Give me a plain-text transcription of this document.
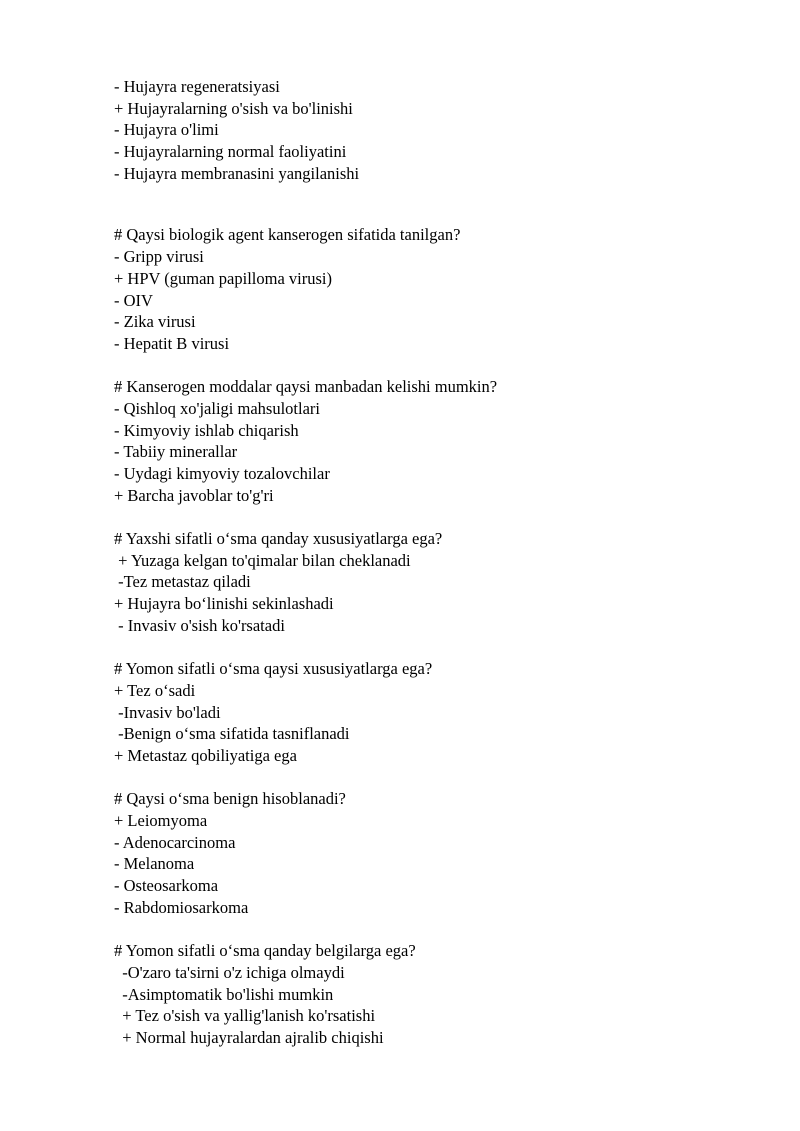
- Hujayra regeneratsiyasi
+ Hujayralarning o'sish va bo'linishi
- Hujayra o'limi
- Hujayralarning normal faoliyatini
- Hujayra membranasini yangilanishi
# Qaysi biologik agent kanserogen sifatida tanilgan?
- Gripp virusi
+ HPV (guman papilloma virusi)
- OIV
- Zika virusi
- Hepatit B virusi
# Kanserogen moddalar qaysi manbadan kelishi mumkin?
- Qishloq xo'jaligi mahsulotlari
- Kimyoviy ishlab chiqarish
- Tabiiy minerallar
- Uydagi kimyoviy tozalovchilar
+ Barcha javoblar to'g'ri
# Yaxshi sifatli o‘sma qanday xususiyatlarga ega?
+ Yuzaga kelgan to'qimalar bilan cheklanadi
-Tez metastaz qiladi
+ Hujayra bo‘linishi sekinlashadi
- Invasiv o'sish ko'rsatadi
# Yomon sifatli o‘sma qaysi xususiyatlarga ega?
+ Tez o‘sadi
-Invasiv bo'ladi
-Benign o‘sma sifatida tasniflanadi
+ Metastaz qobiliyatiga ega
# Qaysi o‘sma benign hisoblanadi?
+ Leiomyoma
- Adenocarcinoma
- Melanoma
- Osteosarkoma
- Rabdomiosarkoma
# Yomon sifatli o‘sma qanday belgilarga ega?
-O'zaro ta'sirni o'z ichiga olmaydi
-Asimptomatik bo'lishi mumkin
+ Tez o'sish va yallig'lanish ko'rsatishi
+ Normal hujayralardan ajralib chiqishi
